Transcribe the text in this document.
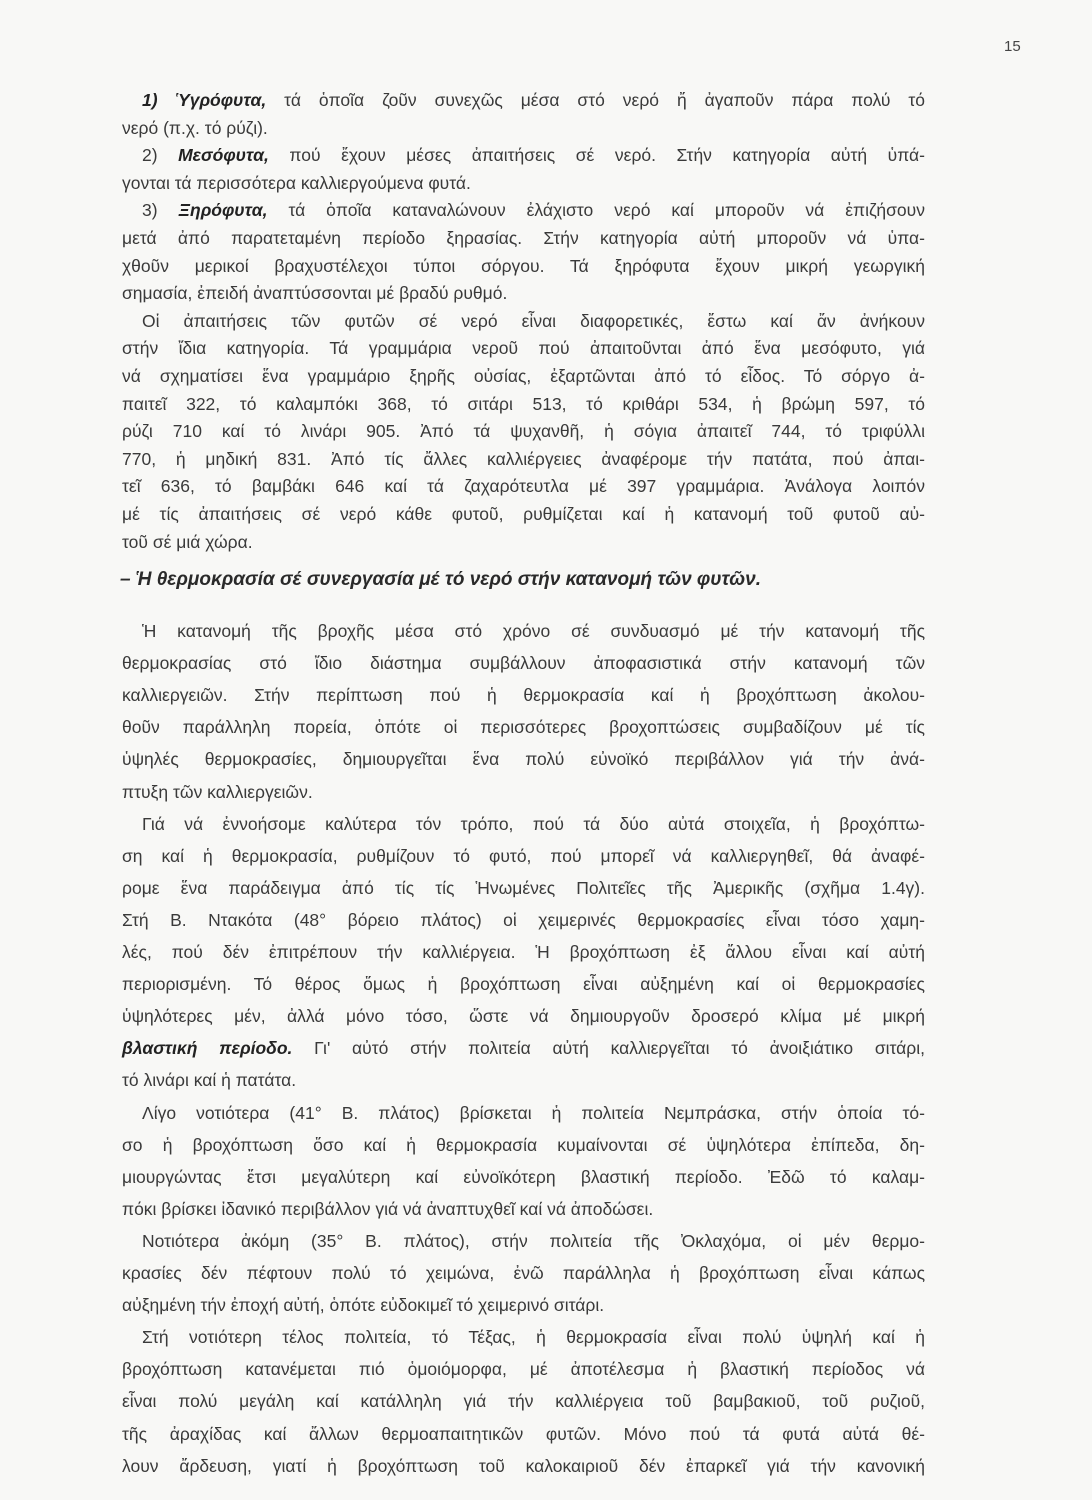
15
1) Ὑγρόφυτα, τά ὁποῖα ζοῦν συνεχῶς μέσα στό νερό ἤ ἀγαποῦν πάρα πολύ τό
νερό (π.χ. τό ρύζι).
2) Μεσόφυτα, πού ἔχουν μέσες ἀπαιτήσεις σέ νερό. Στήν κατηγορία αὐτή ὑπά-
γονται τά περισσότερα καλλιεργούμενα φυτά.
3) Ξηρόφυτα, τά ὁποῖα καταναλώνουν ἐλάχιστο νερό καί μποροῦν νά ἐπιζήσουν
μετά ἀπό παρατεταμένη περίοδο ξηρασίας. Στήν κατηγορία αὐτή μποροῦν νά ὑπα-
χθοῦν μερικοί βραχυστέλεχοι τύποι σόργου. Τά ξηρόφυτα ἔχουν μικρή γεωργική
σημασία, ἐπειδή ἀναπτύσσονται μέ βραδύ ρυθμό.
Οἱ ἀπαιτήσεις τῶν φυτῶν σέ νερό εἶναι διαφορετικές, ἔστω καί ἄν ἀνήκουν
στήν ἴδια κατηγορία. Τά γραμμάρια νεροῦ πού ἀπαιτοῦνται ἀπό ἕνα μεσόφυτο, γιά
νά σχηματίσει ἕνα γραμμάριο ξηρῆς οὐσίας, ἐξαρτῶνται ἀπό τό εἶδος. Τό σόργο ἀ-
παιτεῖ 322, τό καλαμπόκι 368, τό σιτάρι 513, τό κριθάρι 534, ἡ βρώμη 597, τό
ρύζι 710 καί τό λινάρι 905. Ἀπό τά ψυχανθῆ, ἡ σόγια ἀπαιτεῖ 744, τό τριφύλλι
770, ἡ μηδική 831. Ἀπό τίς ἄλλες καλλιέργειες ἀναφέρομε τήν πατάτα, πού ἀπαι-
τεῖ 636, τό βαμβάκι 646 καί τά ζαχαρότευτλα μέ 397 γραμμάρια. Ἀνάλογα λοιπόν
μέ τίς ἀπαιτήσεις σέ νερό κάθε φυτοῦ, ρυθμίζεται καί ἡ κατανομή τοῦ φυτοῦ αὐ-
τοῦ σέ μιά χώρα.
– Ἡ θερμοκρασία σέ συνεργασία μέ τό νερό στήν κατανομή τῶν φυτῶν.
Ἡ κατανομή τῆς βροχῆς μέσα στό χρόνο σέ συνδυασμό μέ τήν κατανομή τῆς
θερμοκρασίας στό ἴδιο διάστημα συμβάλλουν ἀποφασιστικά στήν κατανομή τῶν
καλλιεργειῶν. Στήν περίπτωση πού ἡ θερμοκρασία καί ἡ βροχόπτωση ἀκολου-
θοῦν παράλληλη πορεία, ὁπότε οἱ περισσότερες βροχοπτώσεις συμβαδίζουν μέ τίς
ὑψηλές θερμοκρασίες, δημιουργεῖται ἕνα πολύ εὐνοϊκό περιβάλλον γιά τήν ἀνά-
πτυξη τῶν καλλιεργειῶν.
Γιά νά ἐννοήσομε καλύτερα τόν τρόπο, πού τά δύο αὐτά στοιχεῖα, ἡ βροχόπτω-
ση καί ἡ θερμοκρασία, ρυθμίζουν τό φυτό, πού μπορεῖ νά καλλιεργηθεῖ, θά ἀναφέ-
ρομε ἕνα παράδειγμα ἀπό τίς τίς Ἡνωμένες Πολιτεῖες τῆς Ἀμερικῆς (σχῆμα 1.4γ).
Στή Β. Ντακότα (48° βόρειο πλάτος) οἱ χειμερινές θερμοκρασίες εἶναι τόσο χαμη-
λές, πού δέν ἐπιτρέπουν τήν καλλιέργεια. Ἡ βροχόπτωση ἐξ ἄλλου εἶναι καί αὐτή
περιορισμένη. Τό θέρος ὅμως ἡ βροχόπτωση εἶναι αὐξημένη καί οἱ θερμοκρασίες
ὑψηλότερες μέν, ἀλλά μόνο τόσο, ὥστε νά δημιουργοῦν δροσερό κλίμα μέ μικρή
βλαστική περίοδο. Γι' αὐτό στήν πολιτεία αὐτή καλλιεργεῖται τό ἀνοιξιάτικο σιτάρι,
τό λινάρι καί ἡ πατάτα.
Λίγο νοτιότερα (41° Β. πλάτος) βρίσκεται ἡ πολιτεία Νεμπράσκα, στήν ὁποία τό-
σο ἡ βροχόπτωση ὅσο καί ἡ θερμοκρασία κυμαίνονται σέ ὑψηλότερα ἐπίπεδα, δη-
μιουργώντας ἔτσι μεγαλύτερη καί εὐνοϊκότερη βλαστική περίοδο. Ἐδῶ τό καλαμ-
πόκι βρίσκει ἰδανικό περιβάλλον γιά νά ἀναπτυχθεῖ καί νά ἀποδώσει.
Νοτιότερα ἀκόμη (35° Β. πλάτος), στήν πολιτεία τῆς Ὀκλαχόμα, οἱ μέν θερμο-
κρασίες δέν πέφτουν πολύ τό χειμώνα, ἐνῶ παράλληλα ἡ βροχόπτωση εἶναι κάπως
αὐξημένη τήν ἐποχή αὐτή, ὁπότε εὐδοκιμεῖ τό χειμερινό σιτάρι.
Στή νοτιότερη τέλος πολιτεία, τό Τέξας, ἡ θερμοκρασία εἶναι πολύ ὑψηλή καί ἡ
βροχόπτωση κατανέμεται πιό ὁμοιόμορφα, μέ ἀποτέλεσμα ἡ βλαστική περίοδος νά
εἶναι πολύ μεγάλη καί κατάλληλη γιά τήν καλλιέργεια τοῦ βαμβακιοῦ, τοῦ ρυζιοῦ,
τῆς ἀραχίδας καί ἄλλων θερμοαπαιτητικῶν φυτῶν. Μόνο πού τά φυτά αὐτά θέ-
λουν ἄρδευση, γιατί ἡ βροχόπτωση τοῦ καλοκαιριοῦ δέν ἐπαρκεῖ γιά τήν κανονική
